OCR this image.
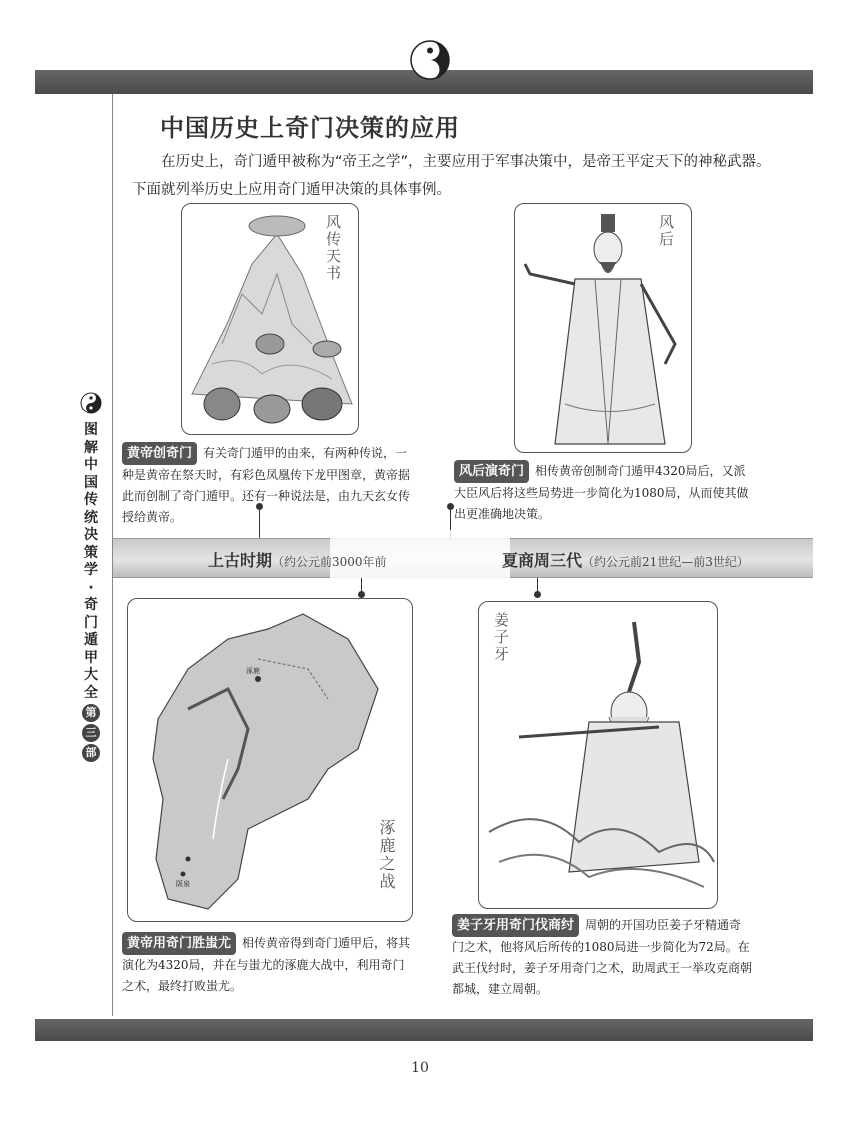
图解中国传统决策学·奇门遁甲大全
第
三
部
中国历史上奇门决策的应用
在历史上，奇门遁甲被称为“帝王之学”，主要应用于军事决策中，是帝王平定天下的神秘武器。下面就列举历史上应用奇门遁甲决策的具体事例。
风传天书	风后
黄帝创奇门 有关奇门遁甲的由来，有两种传说，一种是黄帝在祭天时，有彩色凤凰传下龙甲图章，黄帝据此而创制了奇门遁甲。还有一种说法是，由九天玄女传授给黄帝。
风后演奇门 相传黄帝创制奇门遁甲4320局后，又派大臣风后将这些局势进一步简化为1080局，从而使其做出更准确地决策。
上古时期（约公元前3000年前	夏商周三代（约公元前21世纪—前3世纪）
涿鹿
阪泉	涿鹿之战
姜子牙
黄帝用奇门胜蚩尤 相传黄帝得到奇门遁甲后，将其演化为4320局，并在与蚩尤的涿鹿大战中，利用奇门之术，最终打败蚩尤。
姜子牙用奇门伐商纣 周朝的开国功臣姜子牙精通奇门之术，他将风后所传的1080局进一步简化为72局。在武王伐纣时，姜子牙用奇门之术，助周武王一举攻克商朝都城，建立周朝。
10
